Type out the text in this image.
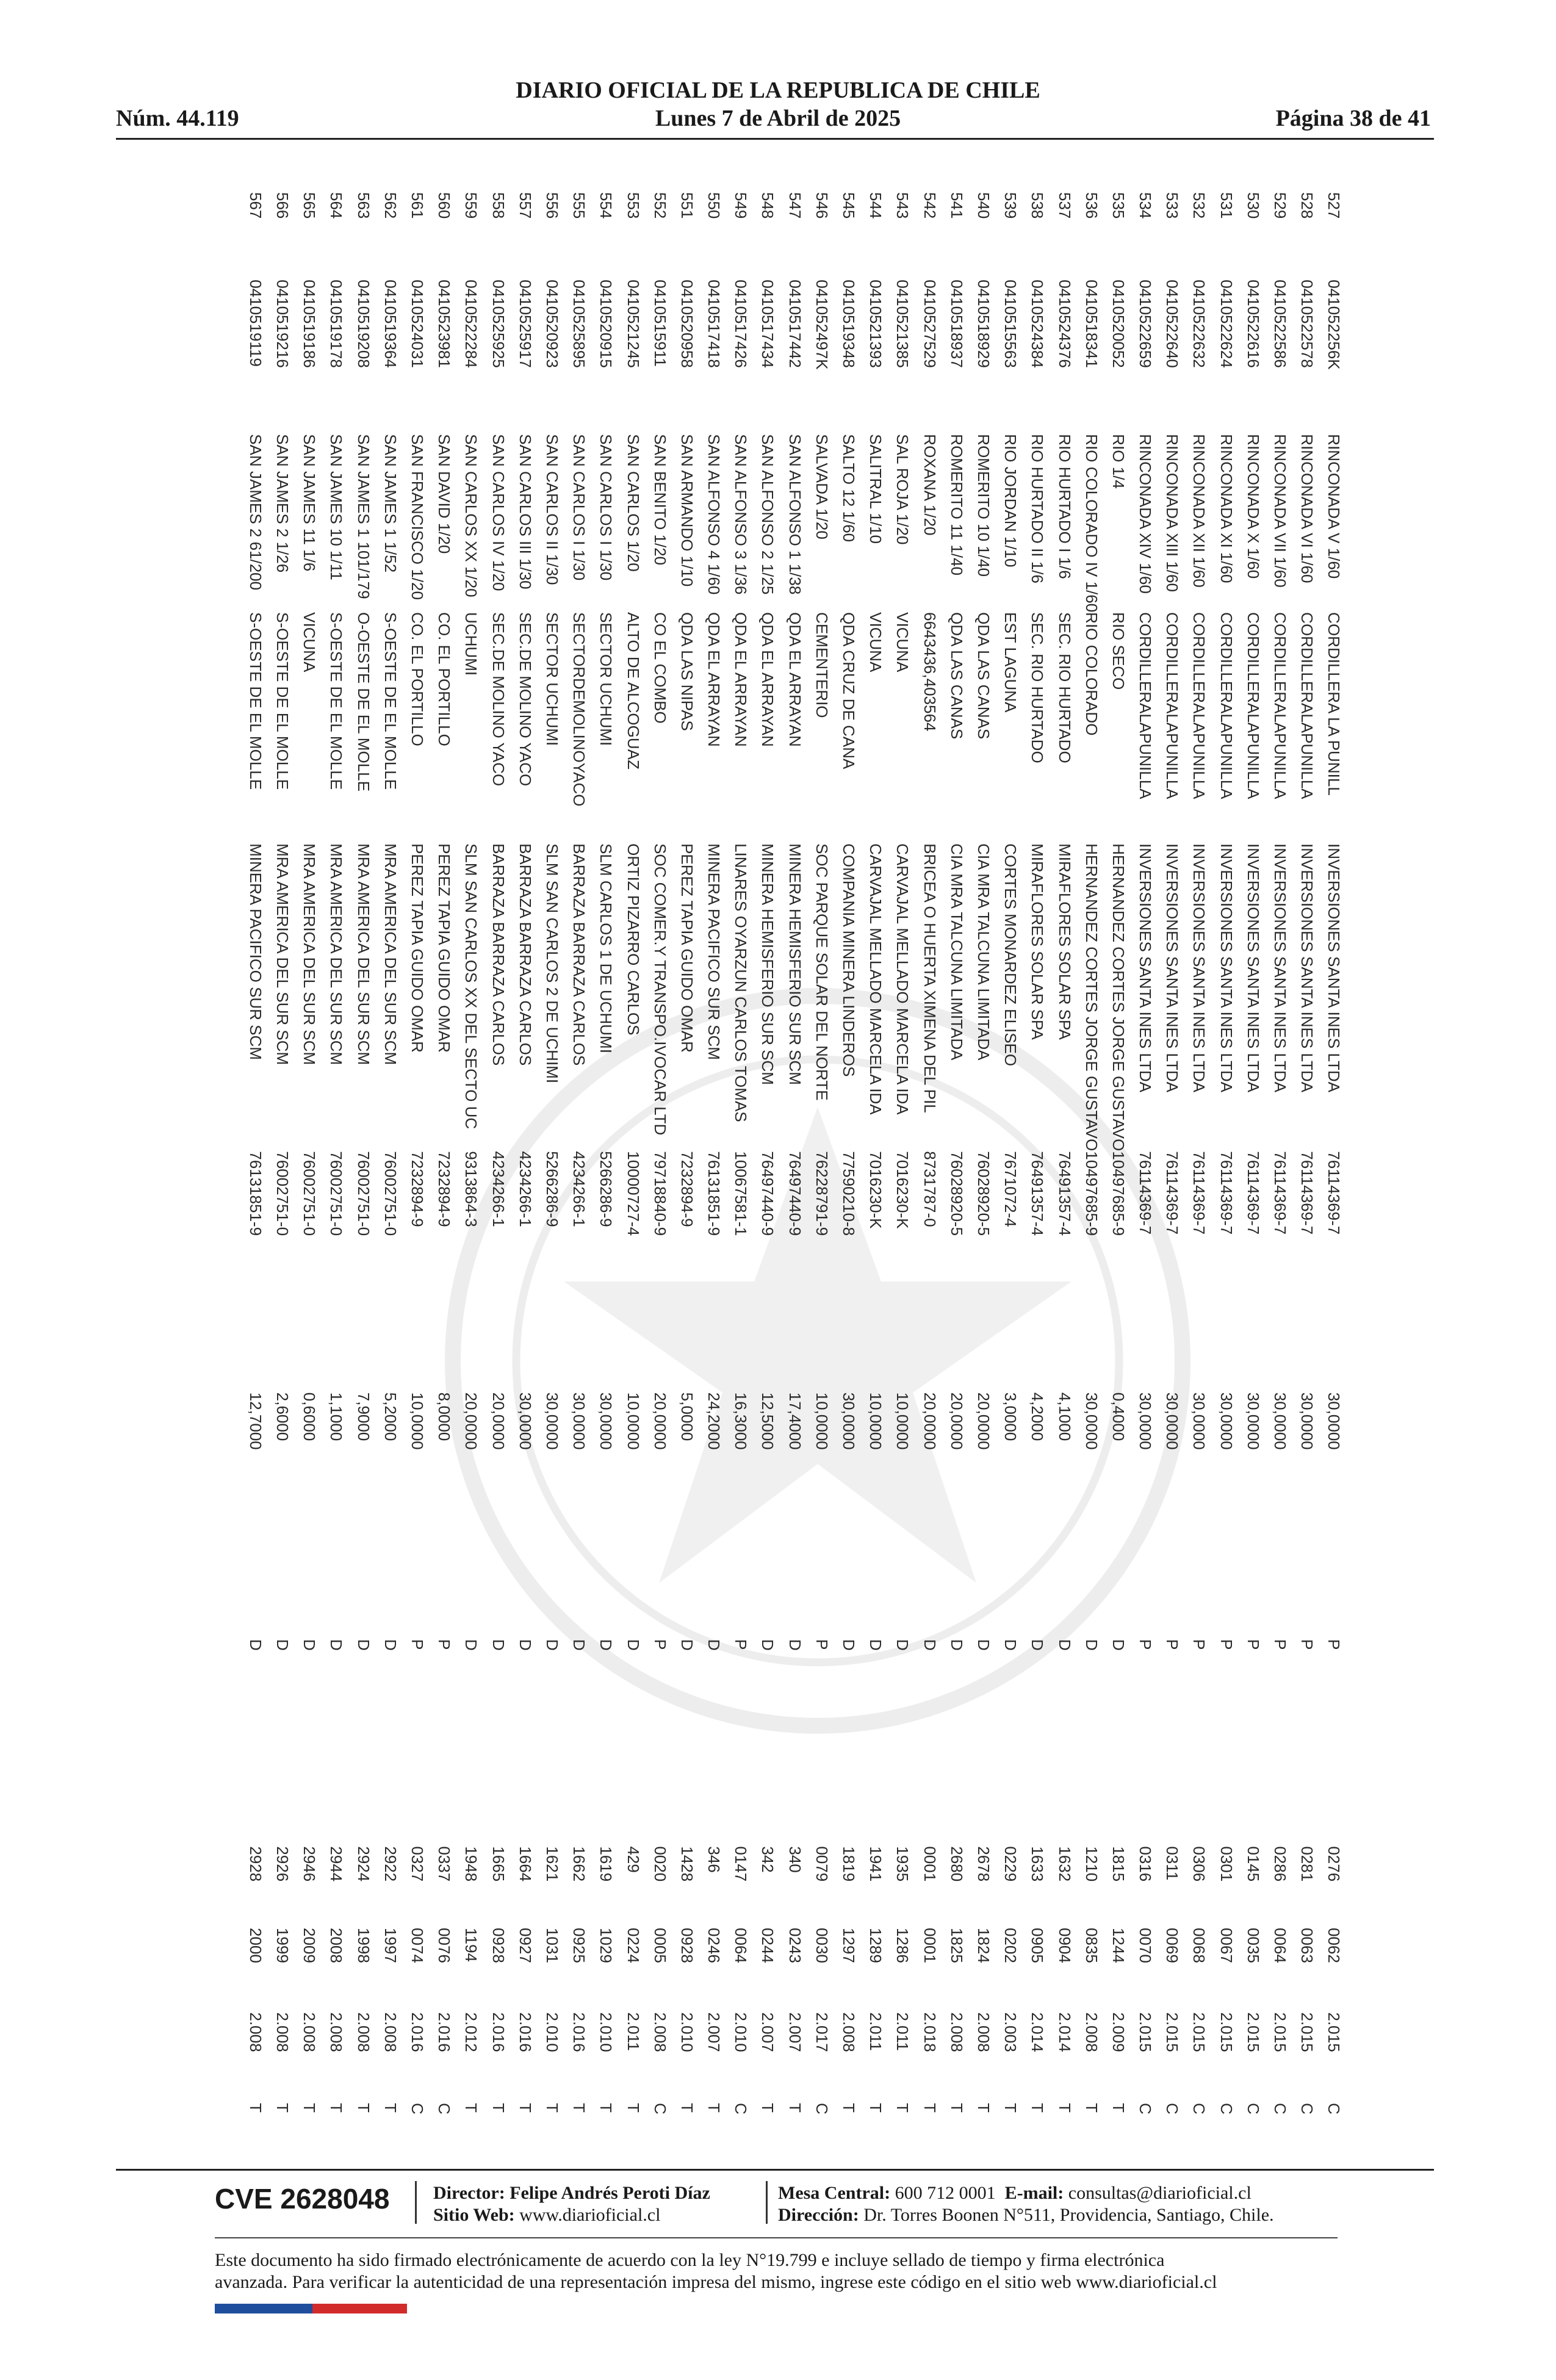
Núm. 44.119
DIARIO OFICIAL DE LA REPUBLICA DE CHILE
Lunes 7 de Abril de 2025	Página 38 de 41
527	041052256K	RINCONADA V 1/60	CORDILLERA LA PUNILL	INVERSIONES SANTA INES LTDA	76114369-7	30,0000	P	0276	0062	2.015	C
528	0410522578	RINCONADA VI 1/60	CORDILLERALAPUNILLA	INVERSIONES SANTA INES LTDA	76114369-7	30,0000	P	0281	0063	2.015	C
529	0410522586	RINCONADA VII 1/60	CORDILLERALAPUNILLA	INVERSIONES SANTA INES LTDA	76114369-7	30,0000	P	0286	0064	2.015	C
530	0410522616	RINCONADA X 1/60	CORDILLERALAPUNILLA	INVERSIONES SANTA INES LTDA	76114369-7	30,0000	P	0145	0035	2.015	C
531	0410522624	RINCONADA XI 1/60	CORDILLERALAPUNILLA	INVERSIONES SANTA INES LTDA	76114369-7	30,0000	P	0301	0067	2.015	C
532	0410522632	RINCONADA XII 1/60	CORDILLERALAPUNILLA	INVERSIONES SANTA INES LTDA	76114369-7	30,0000	P	0306	0068	2.015	C
533	0410522640	RINCONADA XIII 1/60	CORDILLERALAPUNILLA	INVERSIONES SANTA INES LTDA	76114369-7	30,0000	P	0311	0069	2.015	C
534	0410522659	RINCONADA XIV 1/60	CORDILLERALAPUNILLA	INVERSIONES SANTA INES LTDA	76114369-7	30,0000	P	0316	0070	2.015	C
535	0410520052	RIO 1/4	RIO SECO	HERNANDEZ CORTES JORGE GUSTAVO	10497685-9	0,4000	D	1815	1244	2.009	T
536	0410518341	RIO COLORADO IV 1/60	RIO COLORADO	HERNANDEZ CORTES JORGE GUSTAVO	10497685-9	30,0000	D	1210	0835	2.008	T
537	0410524376	RIO HURTADO I 1/6	SEC. RIO HURTADO	MIRAFLORES SOLAR SPA	76491357-4	4,1000	D	1632	0904	2.014	T
538	0410524384	RIO HURTADO II 1/6	SEC. RIO HURTADO	MIRAFLORES SOLAR SPA	76491357-4	4,2000	D	1633	0905	2.014	T
539	0410515563	RIO JORDAN 1/10	EST LAGUNA	CORTES MONARDEZ ELISEO	7671072-4	3,0000	D	0229	0202	2.003	T
540	0410518929	ROMERITO 10 1/40	QDA LAS CANAS	CIA MRA TALCUNA LIMITADA	76028920-5	20,0000	D	2678	1824	2.008	T
541	0410518937	ROMERITO 11 1/40	QDA LAS CANAS	CIA MRA TALCUNA LIMITADA	76028920-5	20,0000	D	2680	1825	2.008	T
542	0410527529	ROXANA 1/20	6643436,403564	BRICEA O HUERTA XIMENA DEL PIL	8731787-0	20,0000	D	0001	0001	2.018	T
543	0410521385	SAL ROJA 1/20	VICUNA	CARVAJAL MELLADO MARCELA IDA	7016230-K	10,0000	D	1935	1286	2.011	T
544	0410521393	SALITRAL 1/10	VICUNA	CARVAJAL MELLADO MARCELA IDA	7016230-K	10,0000	D	1941	1289	2.011	T
545	0410519348	SALTO 12 1/60	QDA CRUZ DE CANA	COMPANIA MINERA LINDEROS	77590210-8	30,0000	D	1819	1297	2.008	T
546	041052497K	SALVADA 1/20	CEMENTERIO	SOC PARQUE SOLAR DEL NORTE	76228791-9	10,0000	P	0079	0030	2.017	C
547	0410517442	SAN ALFONSO 1 1/38	QDA EL ARRAYAN	MINERA HEMISFERIO SUR SCM	76497440-9	17,4000	D	340	0243	2.007	T
548	0410517434	SAN ALFONSO 2 1/25	QDA EL ARRAYAN	MINERA HEMISFERIO SUR SCM	76497440-9	12,5000	D	342	0244	2.007	T
549	0410517426	SAN ALFONSO 3 1/36	QDA EL ARRAYAN	LINARES OYARZUN CARLOS TOMAS	10067581-1	16,3000	P	0147	0064	2.010	C
550	0410517418	SAN ALFONSO 4 1/60	QDA EL ARRAYAN	MINERA PACIFICO SUR SCM	76131851-9	24,2000	D	346	0246	2.007	T
551	0410520958	SAN ARMANDO 1/10	QDA LAS NIPAS	PEREZ TAPIA GUIDO OMAR	7232894-9	5,0000	D	1428	0928	2.010	T
552	0410515911	SAN BENITO 1/20	CO EL COMBO	SOC COMER.Y TRANSPO.IVOCAR LTD	79718840-9	20,0000	P	0020	0005	2.008	C
553	0410521245	SAN CARLOS 1/20	ALTO DE ALCOGUAZ	ORTIZ PIZARRO CARLOS	10000727-4	10,0000	D	429	0224	2.011	T
554	0410520915	SAN CARLOS I 1/30	SECTOR UCHUMI	SLM CARLOS 1 DE UCHUMI	5266286-9	30,0000	D	1619	1029	2.010	T
555	0410525895	SAN CARLOS I 1/30	SECTORDEMOLINOYACO	BARRAZA BARRAZA CARLOS	4234266-1	30,0000	D	1662	0925	2.016	T
556	0410520923	SAN CARLOS II 1/30	SECTOR UCHUMI	SLM SAN CARLOS 2 DE UCHIMI	5266286-9	30,0000	D	1621	1031	2.010	T
557	0410525917	SAN CARLOS III 1/30	SEC.DE MOLINO YACO	BARRAZA BARRAZA CARLOS	4234266-1	30,0000	D	1664	0927	2.016	T
558	0410525925	SAN CARLOS IV 1/20	SEC.DE MOLINO YACO	BARRAZA BARRAZA CARLOS	4234266-1	20,0000	D	1665	0928	2.016	T
559	0410522284	SAN CARLOS XX 1/20	UCHUMI	SLM SAN CARLOS XX DEL SECTO UC	9313864-3	20,0000	D	1948	1194	2.012	T
560	0410523981	SAN DAVID 1/20	CO. EL PORTILLO	PEREZ TAPIA GUIDO OMAR	7232894-9	8,0000	P	0337	0076	2.016	C
561	0410524031	SAN FRANCISCO 1/20	CO. EL PORTILLO	PEREZ TAPIA GUIDO OMAR	7232894-9	10,0000	P	0327	0074	2.016	C
562	0410519364	SAN JAMES 1 1/52	S-OESTE DE EL MOLLE	MRA AMERICA DEL SUR SCM	76002751-0	5,2000	D	2922	1997	2.008	T
563	0410519208	SAN JAMES 1 101/179	O-OESTE DE EL MOLLE	MRA AMERICA DEL SUR SCM	76002751-0	7,9000	D	2924	1998	2.008	T
564	0410519178	SAN JAMES 10 1/11	S-OESTE DE EL MOLLE	MRA AMERICA DEL SUR SCM	76002751-0	1,1000	D	2944	2008	2.008	T
565	0410519186	SAN JAMES 11 1/6	VICUNA	MRA AMERICA DEL SUR SCM	76002751-0	0,6000	D	2946	2009	2.008	T
566	0410519216	SAN JAMES 2 1/26	S-OESTE DE EL MOLLE	MRA AMERICA DEL SUR SCM	76002751-0	2,6000	D	2926	1999	2.008	T
567	0410519119	SAN JAMES 2 61/200	S-OESTE DE EL MOLLE	MINERA PACIFICO SUR SCM	76131851-9	12,7000	D	2928	2000	2.008	T
CVE 2628048 Director: Felipe Andrés Peroti Díaz
Sitio Web: www.diarioficial.cl
Mesa Central: 600 712 0001 E-mail: consultas@diarioficial.cl
Dirección: Dr. Torres Boonen N°511, Providencia, Santiago, Chile.
Este documento ha sido firmado electrónicamente de acuerdo con la ley N°19.799 e incluye sellado de tiempo y firma electrónica
avanzada. Para verificar la autenticidad de una representación impresa del mismo, ingrese este código en el sitio web www.diarioficial.cl
